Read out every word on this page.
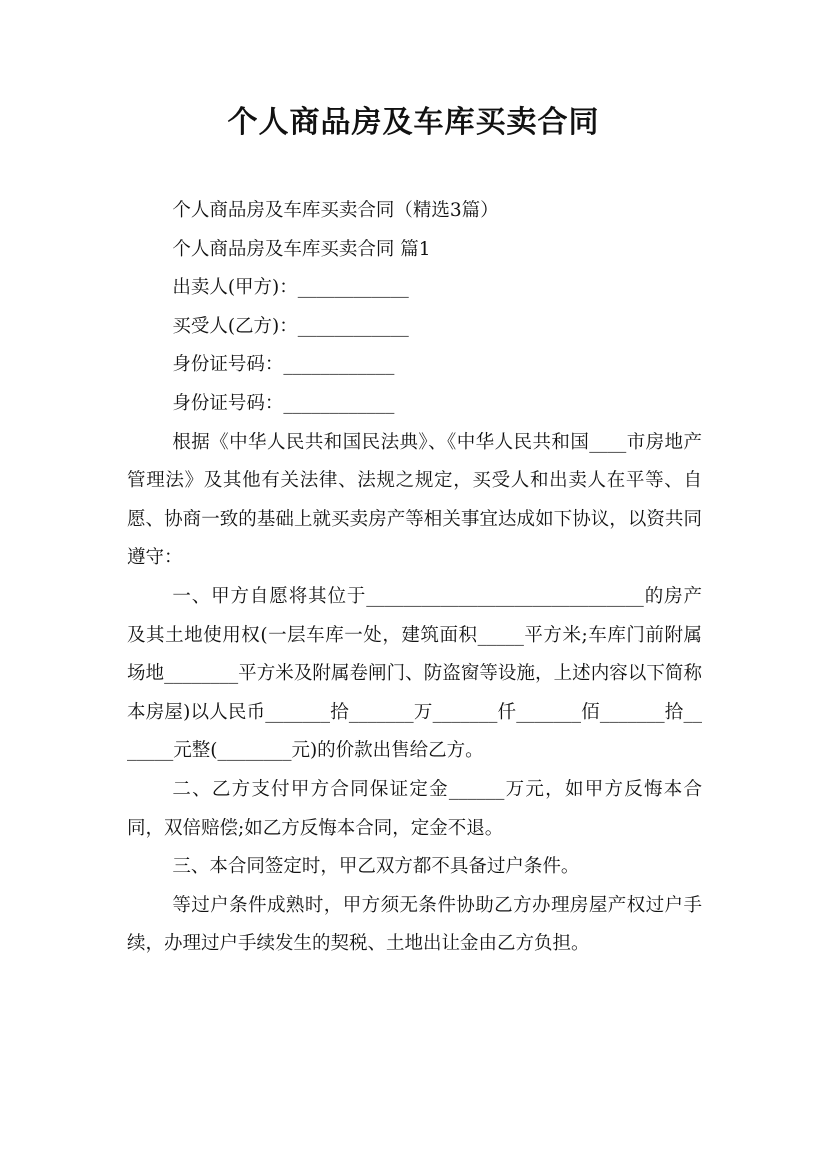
个人商品房及车库买卖合同

个人商品房及车库买卖合同（精选3篇）

个人商品房及车库买卖合同 篇1

出卖人(甲方)：____________

买受人(乙方)：____________

身份证号码：____________

身份证号码：____________

根据《中华人民共和国民法典》、《中华人民共和国____市房地产管理法》及其他有关法律、法规之规定，买受人和出卖人在平等、自愿、协商一致的基础上就买卖房产等相关事宜达成如下协议，以资共同遵守：

一、甲方自愿将其位于______________________________的房产及其土地使用权(一层车库一处，建筑面积_____平方米;车库门前附属场地________平方米及附属卷闸门、防盗窗等设施，上述内容以下简称本房屋)以人民币_______拾_______万_______仟_______佰_______拾_______元整(________元)的价款出售给乙方。

二、乙方支付甲方合同保证定金______万元，如甲方反悔本合同，双倍赔偿;如乙方反悔本合同，定金不退。

三、本合同签定时，甲乙双方都不具备过户条件。

等过户条件成熟时，甲方须无条件协助乙方办理房屋产权过户手续，办理过户手续发生的契税、土地出让金由乙方负担。
